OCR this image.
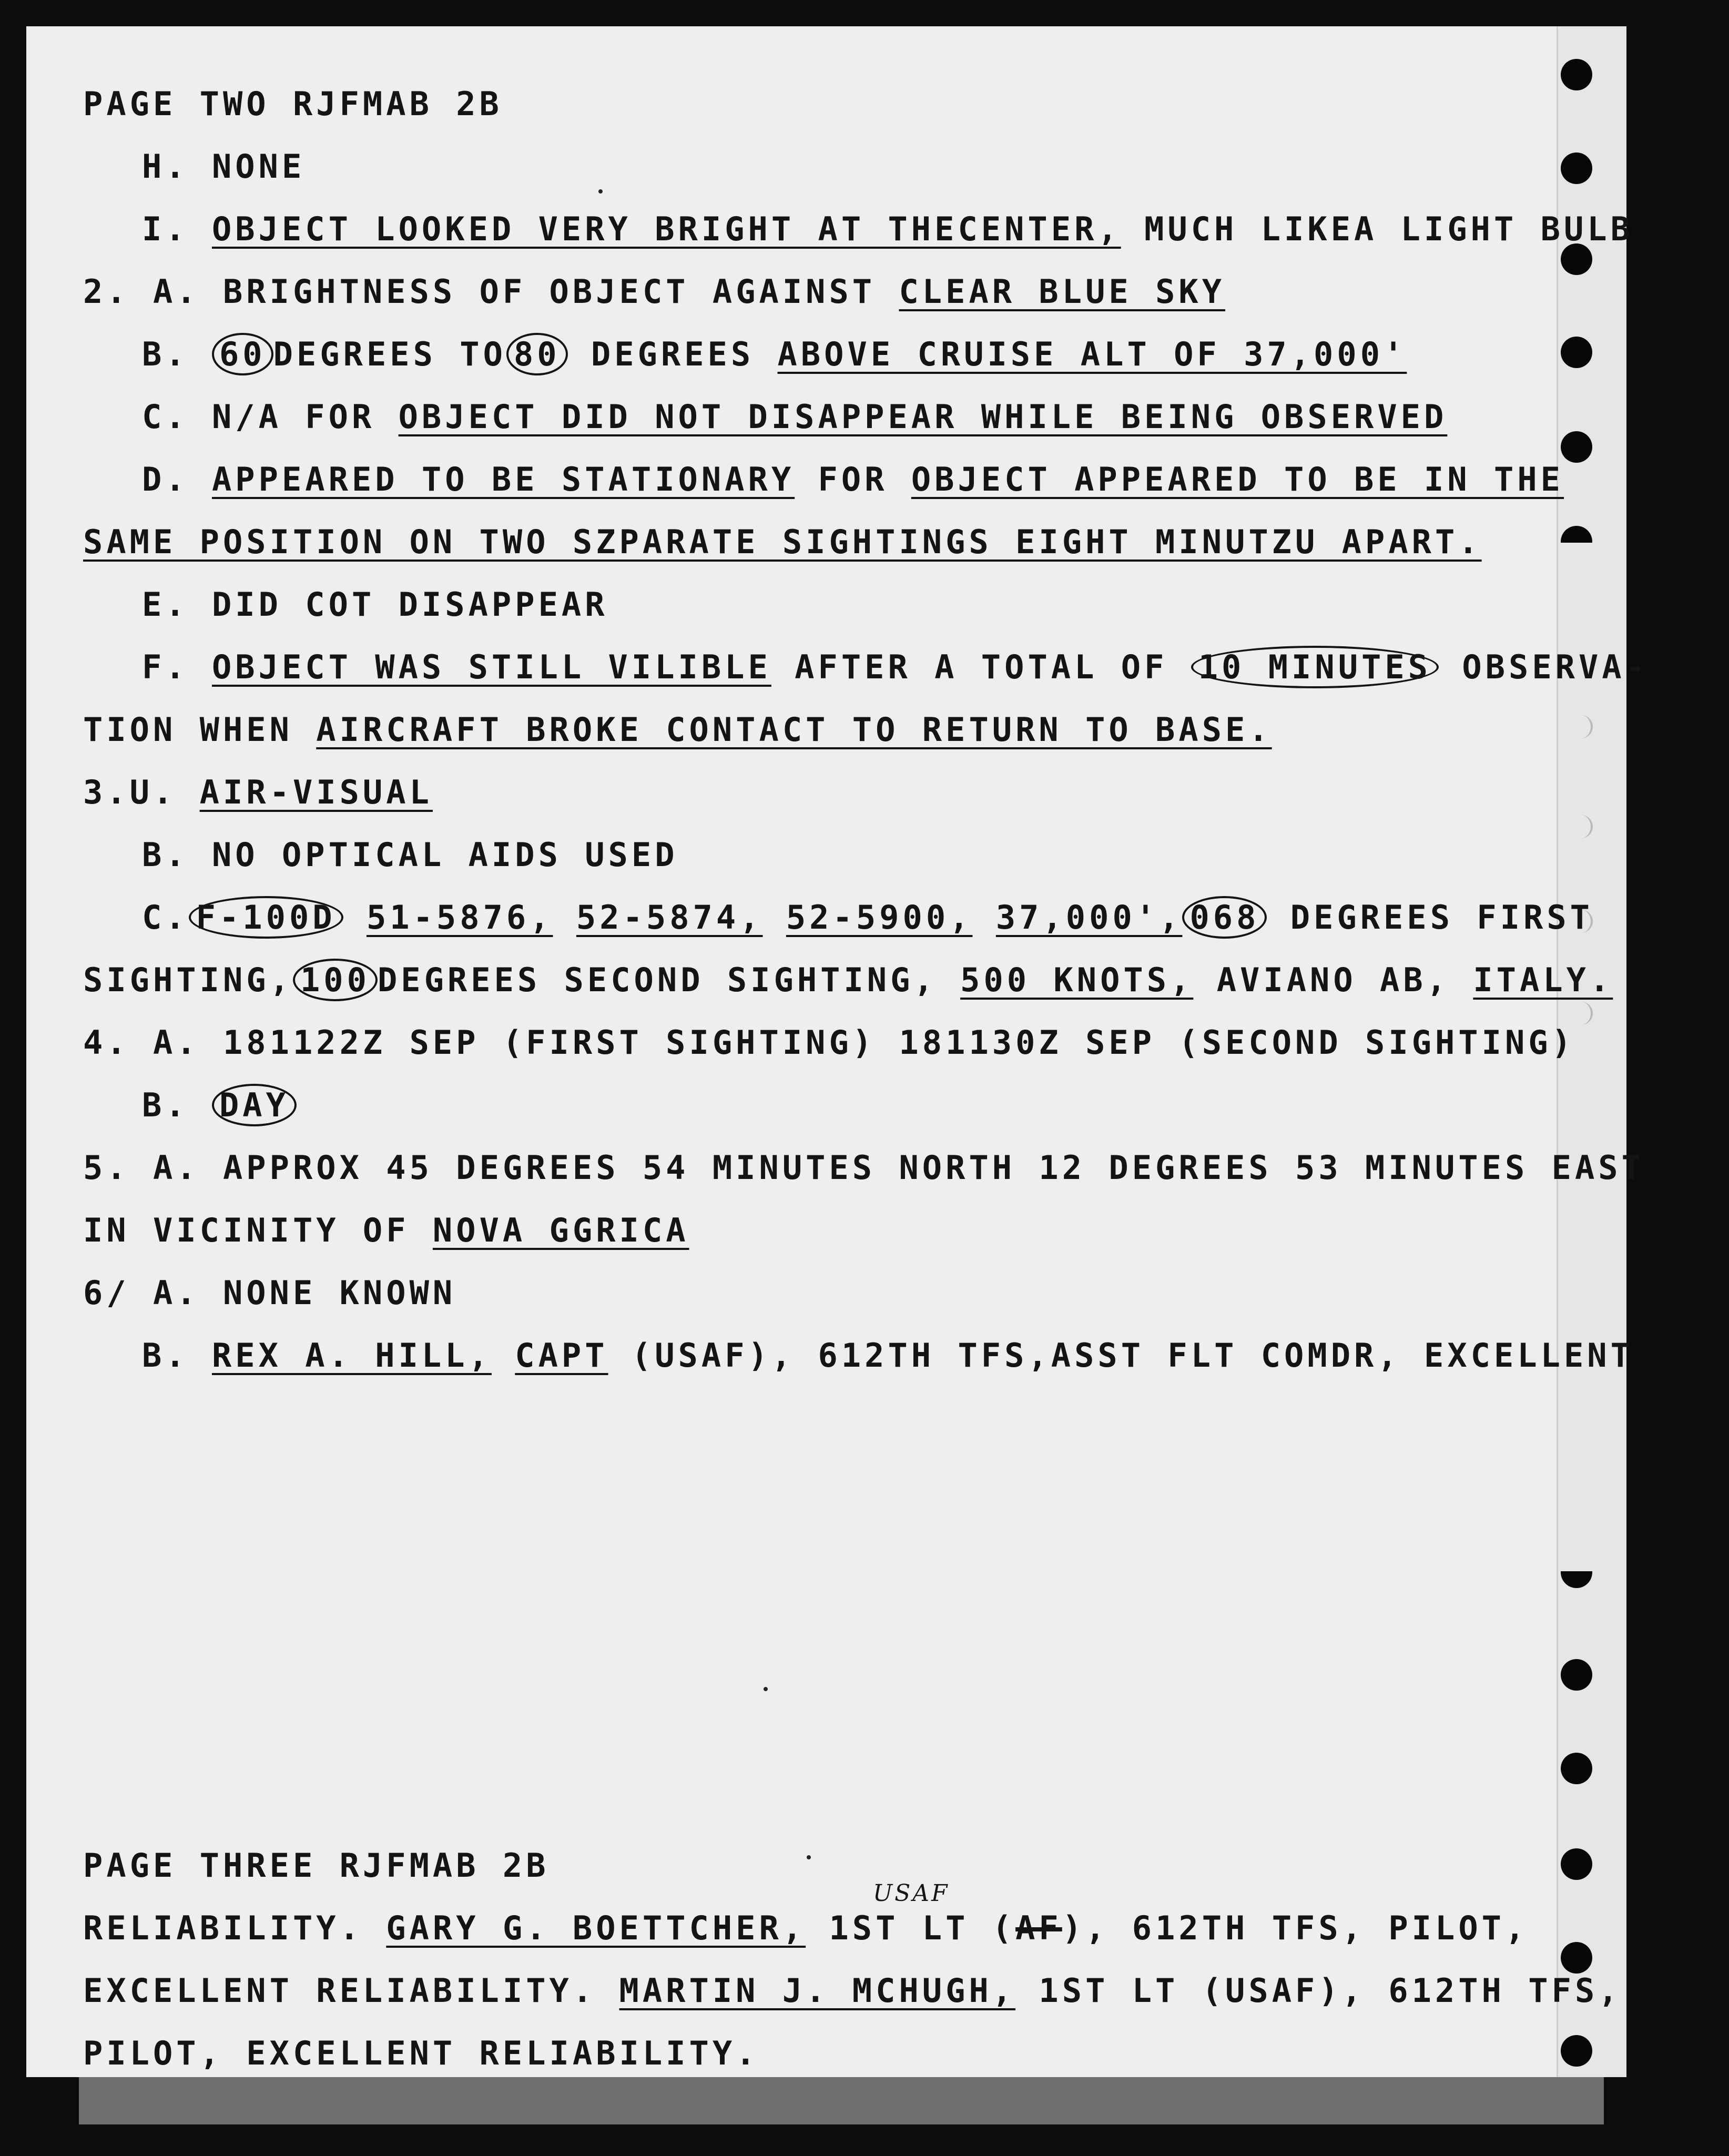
PAGE TWO RJFMAB 2B
H. NONE
I. OBJECT LOOKED VERY BRIGHT AT THECENTER, MUCH LIKEA LIGHT BULB
2. A. BRIGHTNESS OF OBJECT AGAINST CLEAR BLUE SKY
B. 60 DEGREES TO 80 DEGREES ABOVE CRUISE ALT OF 37,000'
C. N/A FOR OBJECT DID NOT DISAPPEAR WHILE BEING OBSERVED
D. APPEARED TO BE STATIONARY FOR OBJECT APPEARED TO BE IN THE
SAME POSITION ON TWO SZPARATE SIGHTINGS EIGHT MINUTZU APART.
E. DID COT DISAPPEAR
F. OBJECT WAS STILL VILIBLE AFTER A TOTAL OF 10 MINUTES OBSERVA-
TION WHEN AIRCRAFT BROKE CONTACT TO RETURN TO BASE.
3.U. AIR-VISUAL
B. NO OPTICAL AIDS USED
C. F-100D 51-5876, 52-5874, 52-5900, 37,000', 068 DEGREES FIRST
SIGHTING, 100 DEGREES SECOND SIGHTING, 500 KNOTS, AVIANO AB, ITALY.
4. A. 181122Z SEP (FIRST SIGHTING) 181130Z SEP (SECOND SIGHTING)
B. DAY
5. A. APPROX 45 DEGREES 54 MINUTES NORTH 12 DEGREES 53 MINUTES EAST
IN VICINITY OF NOVA GGRICA
6/ A. NONE KNOWN
B. REX A. HILL, CAPT (USAF), 612TH TFS,ASST FLT COMDR, EXCELLENT
PAGE THREE RJFMAB 2B
USAF
RELIABILITY. GARY G. BOETTCHER, 1ST LT (AF), 612TH TFS, PILOT,
EXCELLENT RELIABILITY. MARTIN J. MCHUGH, 1ST LT (USAF), 612TH TFS,
PILOT, EXCELLENT RELIABILITY.
